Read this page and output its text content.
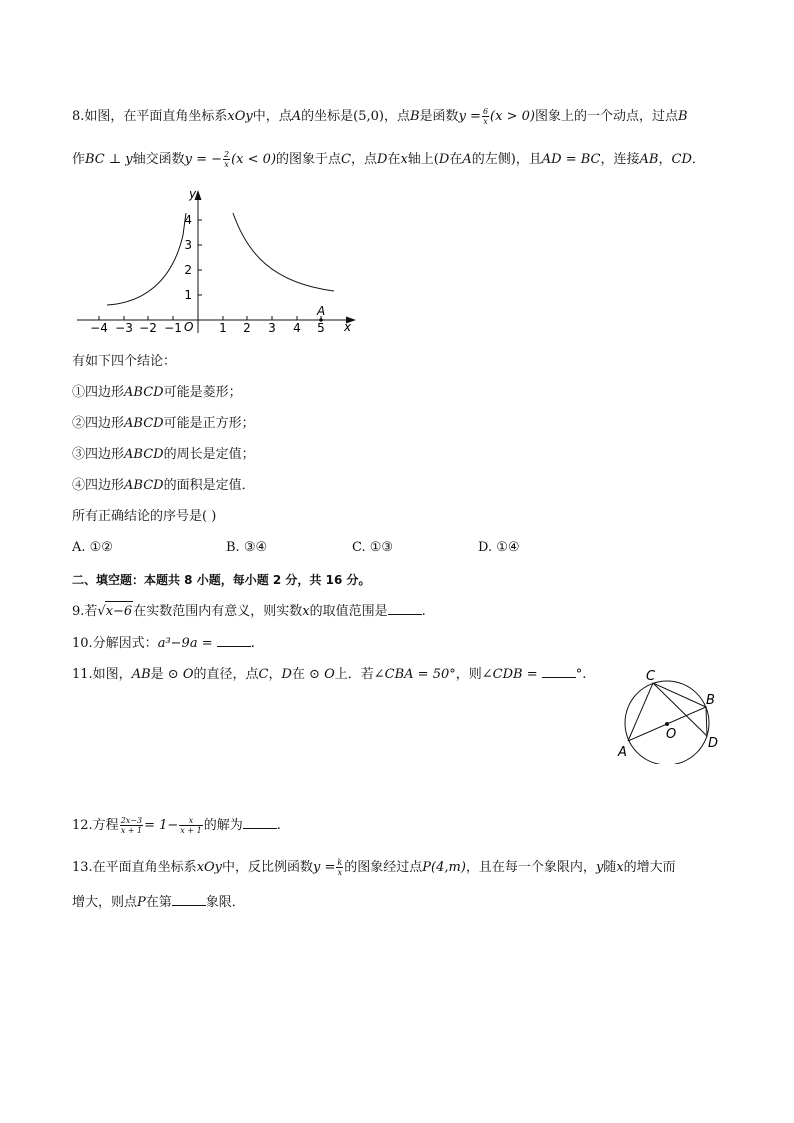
8.如图，在平面直角坐标系xOy中，点A的坐标是(5,0)，点B是函数$y = \frac{6}{x} (x > 0)$图象上的一个动点，过点B
作BC ⊥ y轴交函数y = − $\frac{2}{x} (x < 0)$的图象于点C，点D在x轴上(D在A的左侧)，且AD = BC，连接AB，CD．
y
x
O
A
−4 −3 −2 −1	1 2 3 4 5
1
2
3
4
有如下四个结论：
①四边形ABCD可能是菱形；
②四边形ABCD可能是正方形；
③四边形ABCD的周长是定值；
④四边形ABCD的面积是定值．
所有正确结论的序号是( )
A. ①②	B. ③④	C. ①③	D. ①④
二、填空题：本题共 8 小题，每小题 2 分，共 16 分。
9.若√x−6在实数范围内有意义，则实数x的取值范围是	.
10.分解因式：a³−9a =	.
11.如图，AB是 ⊙ O的直径，点C，D在 ⊙ O上．若∠CBA = 50°，则∠CDB =	°.	C
B
O
D
A
12.方程 $\frac{2x-3}{x + 1} = 1- \frac{x}{x + 1}$ 的解为	.
13.在平面直角坐标系xOy中，反比例函数$y = \frac{k}{x}$ 的图象经过点P(4,m)，且在每一个象限内，y随x的增大而
增大，则点P在第	象限．
